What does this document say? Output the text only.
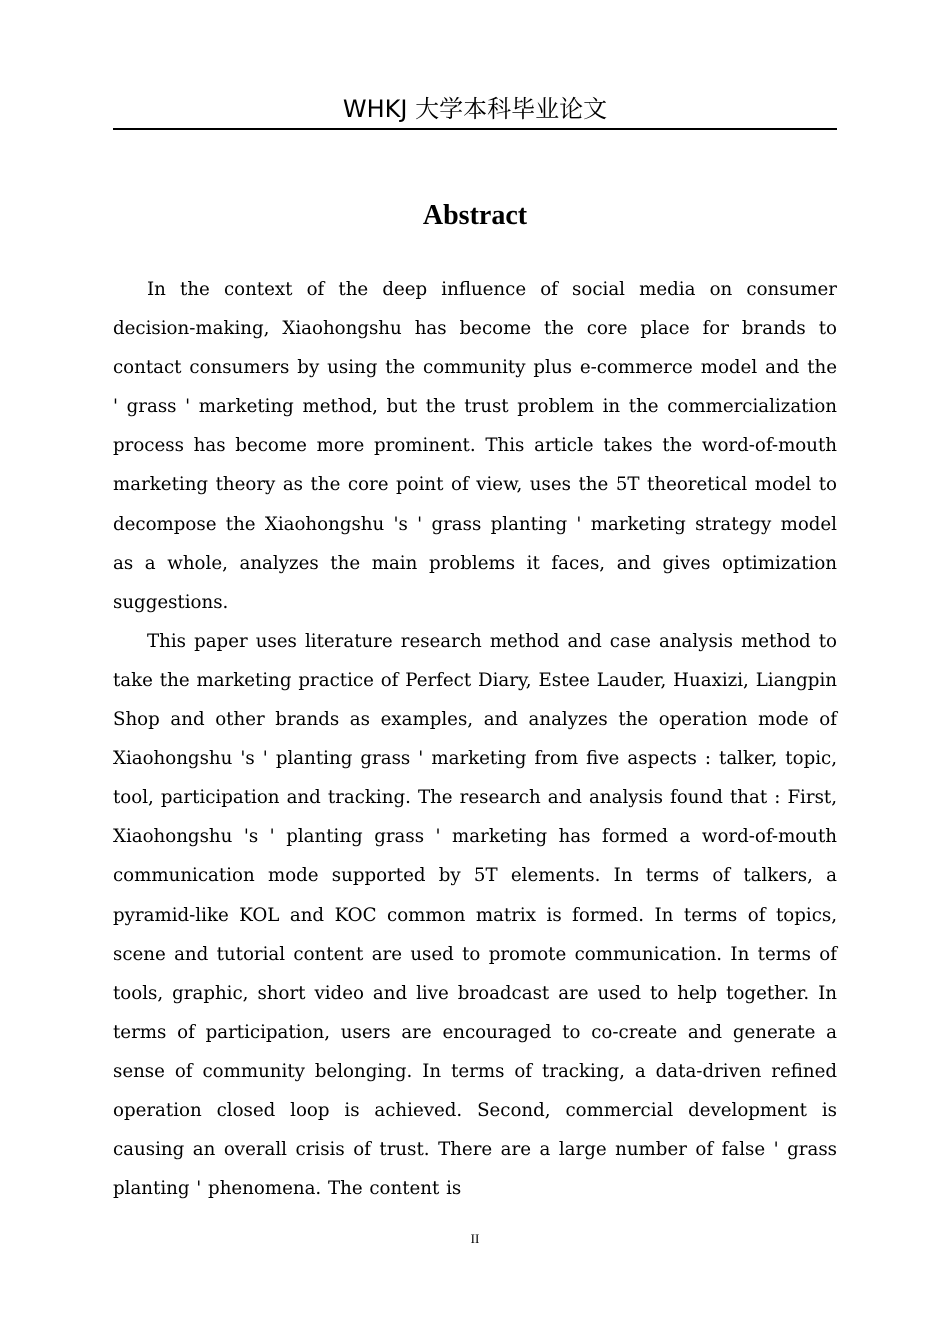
WHKJ 大学本科毕业论文
Abstract

In the context of the deep influence of social media on consumer decision-making, Xiaohongshu has become the core place for brands to contact consumers by using the community plus e-commerce model and the ' grass ' marketing method, but the trust problem in the commercialization process has become more prominent. This article takes the word-of-mouth marketing theory as the core point of view, uses the 5T theoretical model to decompose the Xiaohongshu 's ' grass planting ' marketing strategy model as a whole, analyzes the main problems it faces, and gives optimization suggestions.

This paper uses literature research method and case analysis method to take the marketing practice of Perfect Diary, Estee Lauder, Huaxizi, Liangpin Shop and other brands as examples, and analyzes the operation mode of Xiaohongshu 's ' planting grass ' marketing from five aspects : talker, topic, tool, participation and tracking. The research and analysis found that : First, Xiaohongshu 's ' planting grass ' marketing has formed a word-of-mouth communication mode supported by 5T elements. In terms of talkers, a pyramid-like KOL and KOC common matrix is formed. In terms of topics, scene and tutorial content are used to promote communication. In terms of tools, graphic, short video and live broadcast are used to help together. In terms of participation, users are encouraged to co-create and generate a sense of community belonging. In terms of tracking, a data-driven refined operation closed loop is achieved. Second, commercial development is causing an overall crisis of trust. There are a large number of false ' grass planting ' phenomena. The content is

II
